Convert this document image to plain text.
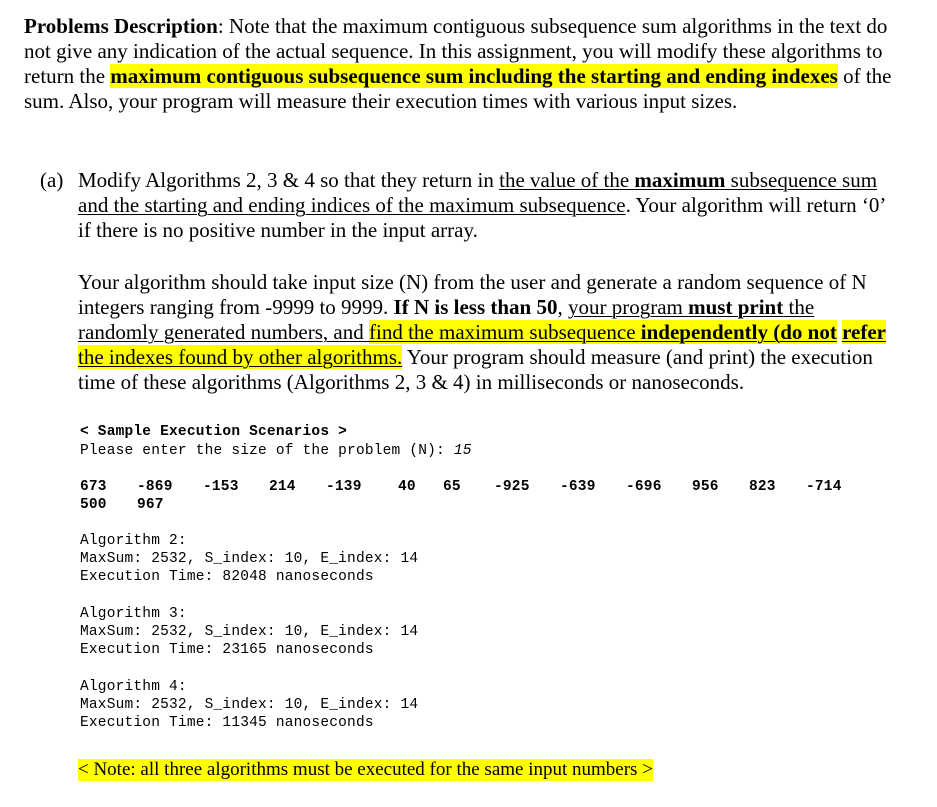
Problems Description: Note that the maximum contiguous subsequence sum algorithms in the text do not give any indication of the actual sequence. In this assignment, you will modify these algorithms to return the maximum contiguous subsequence sum including the starting and ending indexes of the sum. Also, your program will measure their execution times with various input sizes.
(a) Modify Algorithms 2, 3 & 4 so that they return in the value of the maximum subsequence sum and the starting and ending indices of the maximum subsequence. Your algorithm will return ‘0’ if there is no positive number in the input array.
Your algorithm should take input size (N) from the user and generate a random sequence of N integers ranging from -9999 to 9999. If N is less than 50, your program must print the randomly generated numbers, and find the maximum subsequence independently (do not refer the indexes found by other algorithms. Your program should measure (and print) the execution time of these algorithms (Algorithms 2, 3 & 4) in milliseconds or nanoseconds.
< Sample Execution Scenarios >
Please enter the size of the problem (N): 15
673 -869 -153 214 -139	40 65 -925 -639 -696 956 823 -714
500 967
Algorithm 2:
MaxSum: 2532, S_index: 10, E_index: 14
Execution Time: 82048 nanoseconds
Algorithm 3:
MaxSum: 2532, S_index: 10, E_index: 14
Execution Time: 23165 nanoseconds
Algorithm 4:
MaxSum: 2532, S_index: 10, E_index: 14
Execution Time: 11345 nanoseconds
< Note: all three algorithms must be executed for the same input numbers >
